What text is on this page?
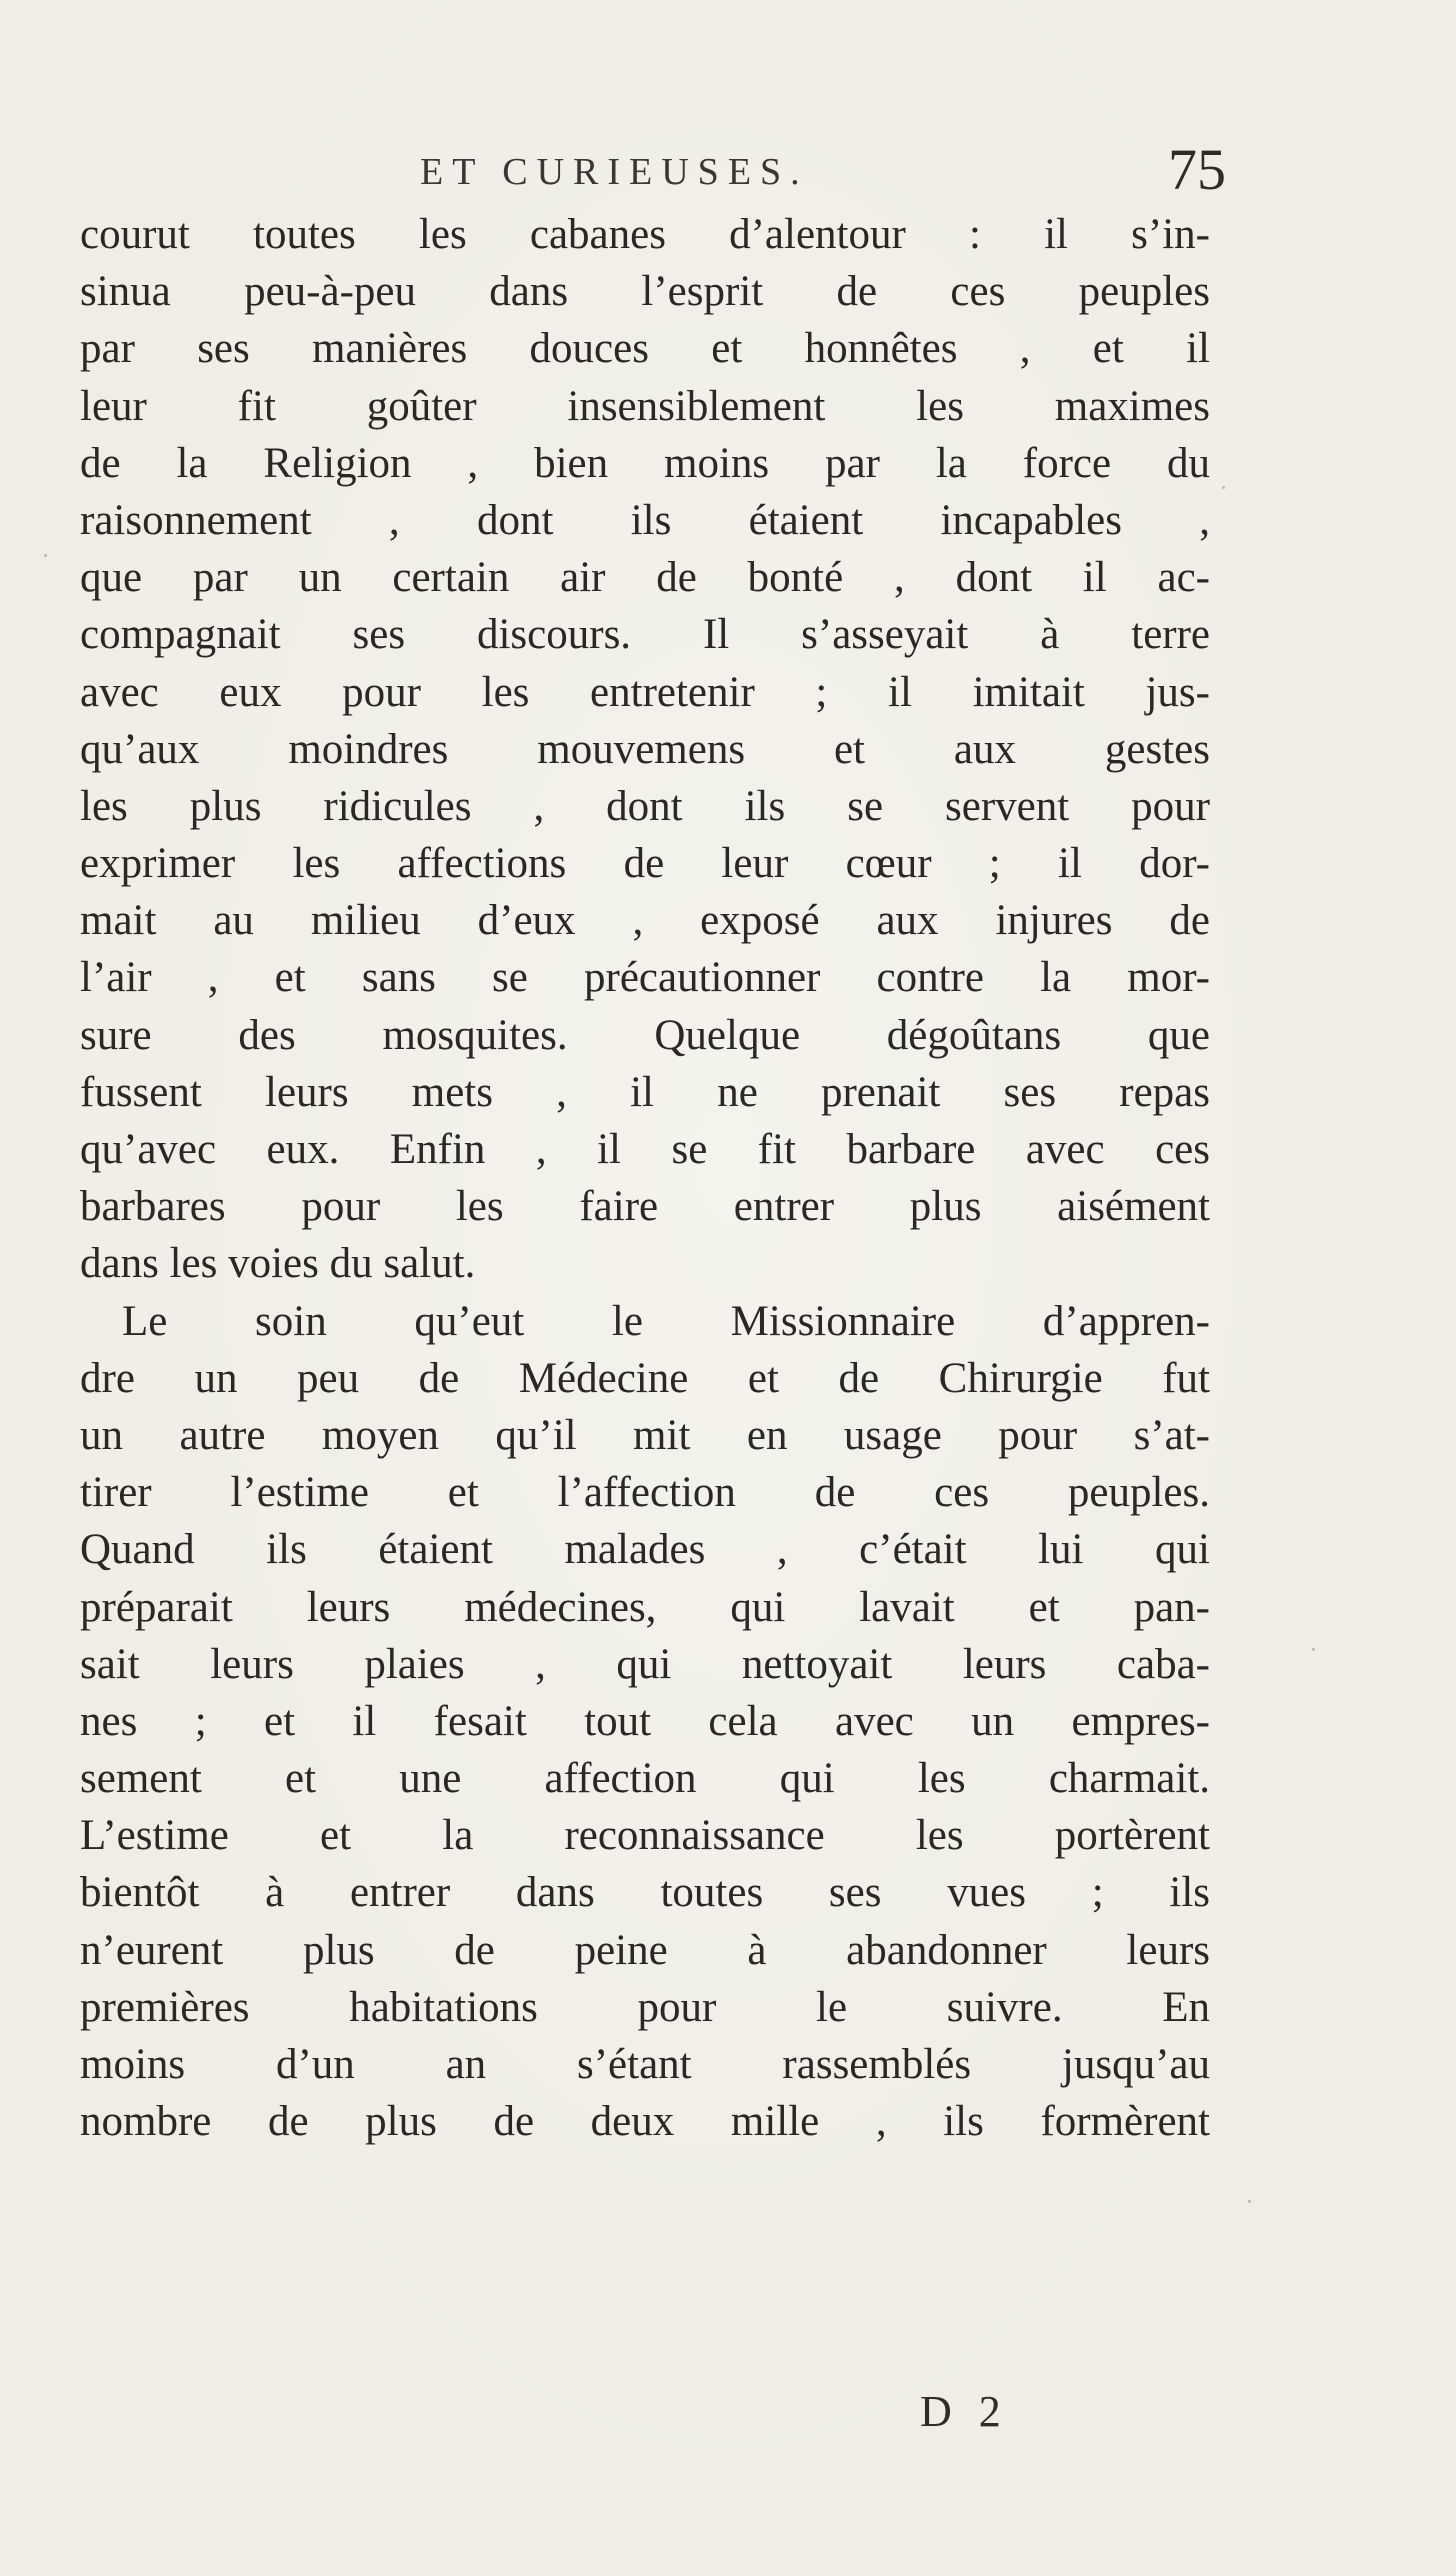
ET CURIEUSES.	75
courut toutes les cabanes d’alentour : il s’in-
sinua peu-à-peu dans l’esprit de ces peuples
par ses manières douces et honnêtes , et il
leur fit goûter insensiblement les maximes
de la Religion , bien moins par la force du
raisonnement , dont ils étaient incapables ,
que par un certain air de bonté , dont il ac-
compagnait ses discours. Il s’asseyait à terre
avec eux pour les entretenir ; il imitait jus-
qu’aux moindres mouvemens et aux gestes
les plus ridicules , dont ils se servent pour
exprimer les affections de leur cœur ; il dor-
mait au milieu d’eux , exposé aux injures de
l’air , et sans se précautionner contre la mor-
sure des mosquites. Quelque dégoûtans que
fussent leurs mets , il ne prenait ses repas
qu’avec eux. Enfin , il se fit barbare avec ces
barbares pour les faire entrer plus aisément
dans les voies du salut.
Le soin qu’eut le Missionnaire d’appren-
dre un peu de Médecine et de Chirurgie fut
un autre moyen qu’il mit en usage pour s’at-
tirer l’estime et l’affection de ces peuples.
Quand ils étaient malades , c’était lui qui
préparait leurs médecines, qui lavait et pan-
sait leurs plaies , qui nettoyait leurs caba-
nes ; et il fesait tout cela avec un empres-
sement et une affection qui les charmait.
L’estime et la reconnaissance les portèrent
bientôt à entrer dans toutes ses vues ; ils
n’eurent plus de peine à abandonner leurs
premières habitations pour le suivre. En
moins d’un an s’étant rassemblés jusqu’au
nombre de plus de deux mille , ils formèrent
D 2
